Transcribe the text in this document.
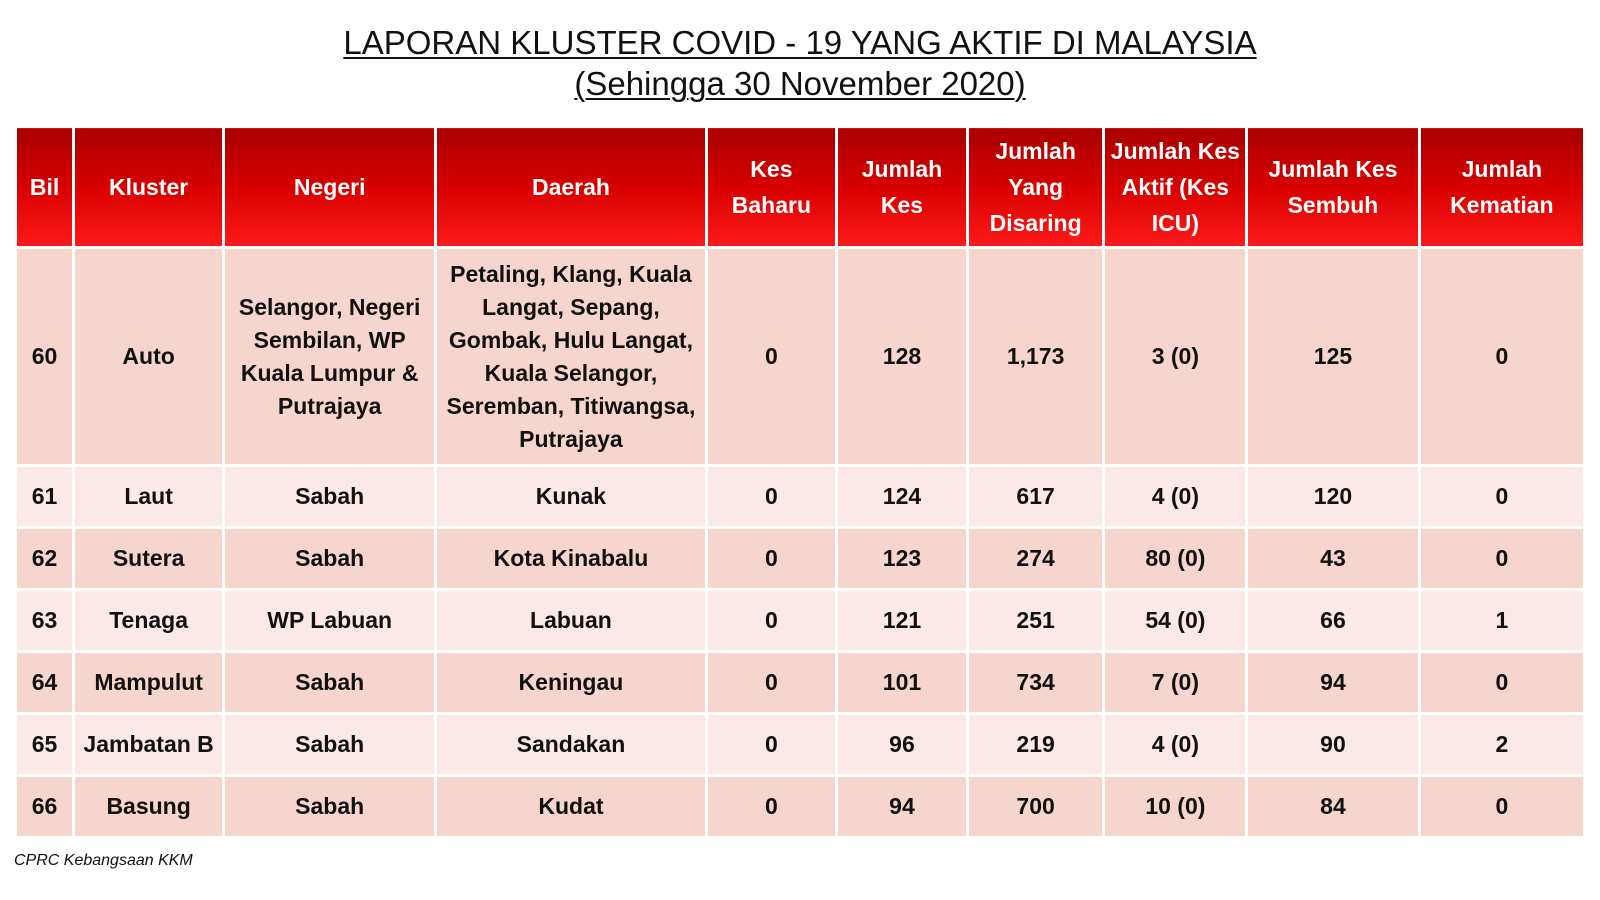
LAPORAN KLUSTER COVID - 19 YANG AKTIF DI MALAYSIA
(Sehingga 30 November 2020)
Bil	Kluster	Negeri	Daerah	Kes Baharu	Jumlah Kes	Jumlah Yang Disaring	Jumlah Kes Aktif (Kes ICU)	Jumlah Kes Sembuh	Jumlah Kematian
60	Auto	Selangor, Negeri Sembilan, WP Kuala Lumpur & Putrajaya	Petaling, Klang, Kuala Langat, Sepang, Gombak, Hulu Langat, Kuala Selangor, Seremban, Titiwangsa, Putrajaya	0	128	1,173	3 (0)	125	0
61	Laut	Sabah	Kunak	0	124	617	4 (0)	120	0
62	Sutera	Sabah	Kota Kinabalu	0	123	274	80 (0)	43	0
63	Tenaga	WP Labuan	Labuan	0	121	251	54 (0)	66	1
64	Mampulut	Sabah	Keningau	0	101	734	7 (0)	94	0
65	Jambatan B	Sabah	Sandakan	0	96	219	4 (0)	90	2
66	Basung	Sabah	Kudat	0	94	700	10 (0)	84	0
CPRC Kebangsaan KKM
